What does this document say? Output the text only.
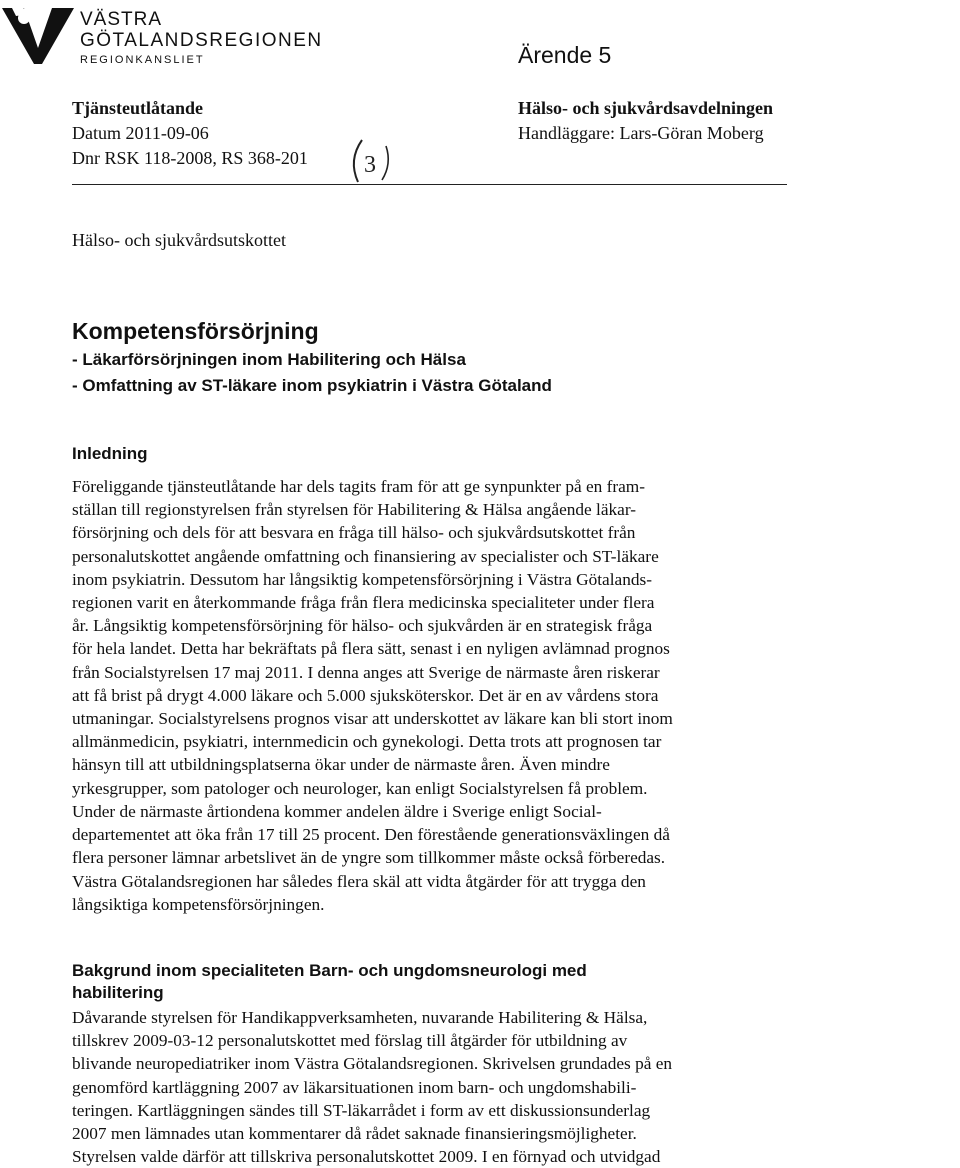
VÄSTRA
GÖTALANDSREGIONEN
REGIONKANSLIET	Ärende 5
Tjänsteutlåtande
Datum 2011-09-06
Dnr RSK 118-2008, RS 368-201 3
Hälso- och sjukvårdsavdelningen
Handläggare: Lars-Göran Moberg
Hälso- och sjukvårdsutskottet
Kompetensförsörjning
- Läkarförsörjningen inom Habilitering och Hälsa
- Omfattning av ST-läkare inom psykiatrin i Västra Götaland
Inledning

Föreliggande tjänsteutlåtande har dels tagits fram för att ge synpunkter på en fram-
ställan till regionstyrelsen från styrelsen för Habilitering & Hälsa angående läkar-
försörjning och dels för att besvara en fråga till hälso- och sjukvårdsutskottet från
personalutskottet angående omfattning och finansiering av specialister och ST-läkare
inom psykiatrin. Dessutom har långsiktig kompetensförsörjning i Västra Götalands-
regionen varit en återkommande fråga från flera medicinska specialiteter under flera
år. Långsiktig kompetensförsörjning för hälso- och sjukvården är en strategisk fråga
för hela landet. Detta har bekräftats på flera sätt, senast i en nyligen avlämnad prognos
från Socialstyrelsen 17 maj 2011. I denna anges att Sverige de närmaste åren riskerar
att få brist på drygt 4.000 läkare och 5.000 sjuksköterskor. Det är en av vårdens stora
utmaningar. Socialstyrelsens prognos visar att underskottet av läkare kan bli stort inom
allmänmedicin, psykiatri, internmedicin och gynekologi. Detta trots att prognosen tar
hänsyn till att utbildningsplatserna ökar under de närmaste åren. Även mindre
yrkesgrupper, som patologer och neurologer, kan enligt Socialstyrelsen få problem.

Under de närmaste årtiondena kommer andelen äldre i Sverige enligt Social-
departementet att öka från 17 till 25 procent. Den förestående generationsväxlingen då
flera personer lämnar arbetslivet än de yngre som tillkommer måste också förberedas.
Västra Götalandsregionen har således flera skäl att vidta åtgärder för att trygga den
långsiktiga kompetensförsörjningen.

Bakgrund inom specialiteten Barn- och ungdomsneurologi med
habilitering

Dåvarande styrelsen för Handikappverksamheten, nuvarande Habilitering & Hälsa,
tillskrev 2009-03-12 personalutskottet med förslag till åtgärder för utbildning av
blivande neuropediatriker inom Västra Götalandsregionen. Skrivelsen grundades på en
genomförd kartläggning 2007 av läkarsituationen inom barn- och ungdomshabili-
teringen. Kartläggningen sändes till ST-läkarrådet i form av ett diskussionsunderlag
2007 men lämnades utan kommentarer då rådet saknade finansieringsmöjligheter.
Styrelsen valde därför att tillskriva personalutskottet 2009. I en förnyad och utvidgad
